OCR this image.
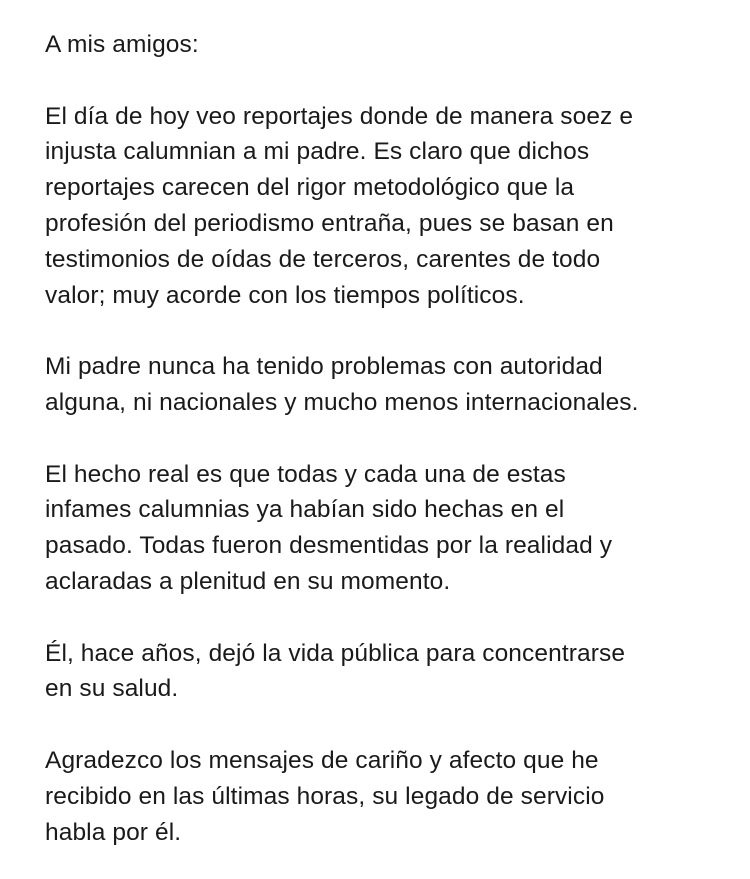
A mis amigos:
El día de hoy veo reportajes donde de manera soez e
injusta calumnian a mi padre. Es claro que dichos
reportajes carecen del rigor metodológico que la
profesión del periodismo entraña, pues se basan en
testimonios de oídas de terceros, carentes de todo
valor; muy acorde con los tiempos políticos.
Mi padre nunca ha tenido problemas con autoridad
alguna, ni nacionales y mucho menos internacionales.
El hecho real es que todas y cada una de estas
infames calumnias ya habían sido hechas en el
pasado. Todas fueron desmentidas por la realidad y
aclaradas a plenitud en su momento.
Él, hace años, dejó la vida pública para concentrarse
en su salud.
Agradezco los mensajes de cariño y afecto que he
recibido en las últimas horas, su legado de servicio
habla por él.
